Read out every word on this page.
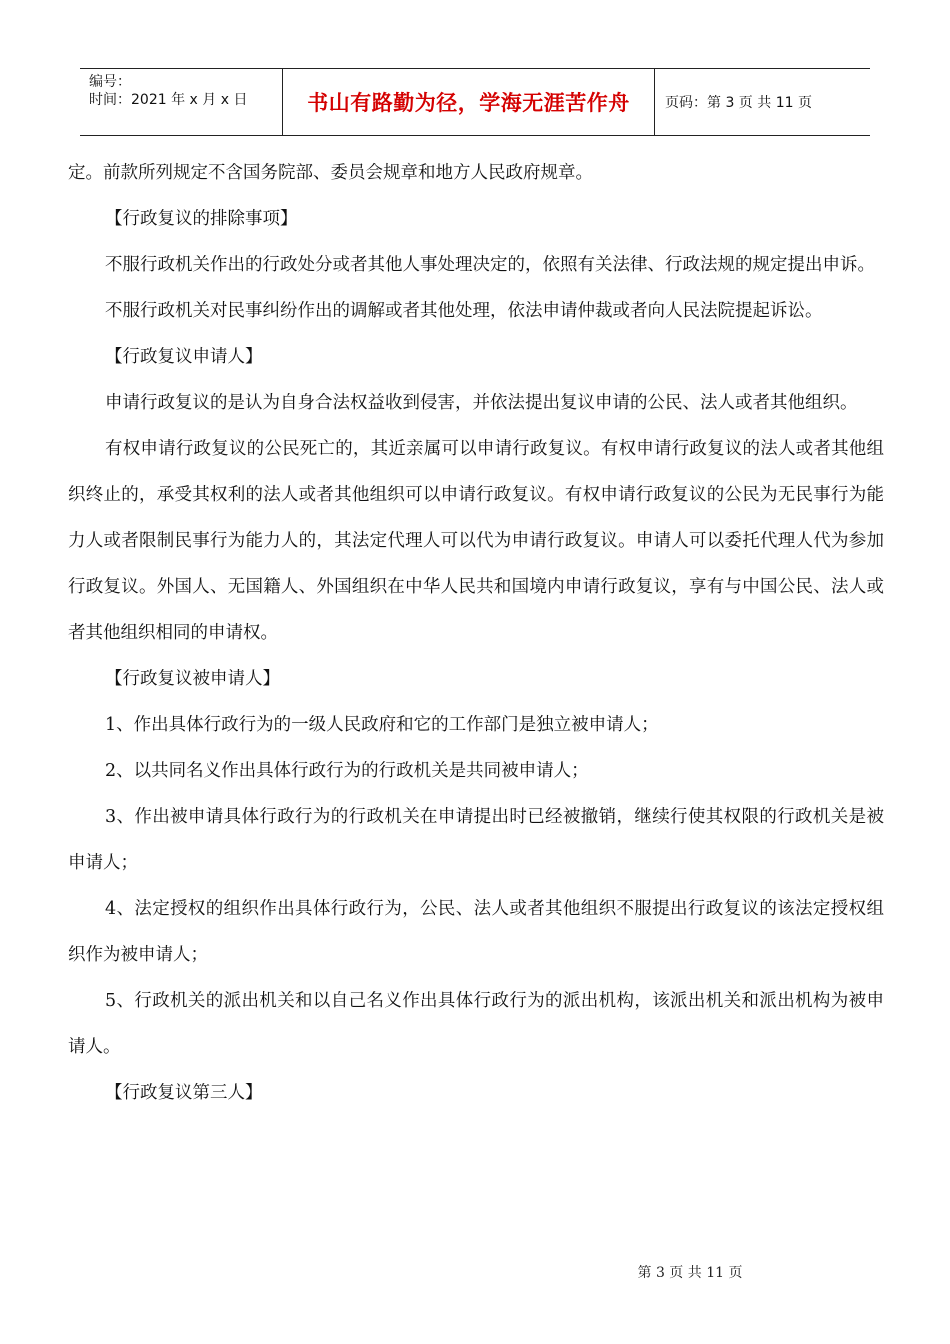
编号：
时间：2021 年 x 月 x 日	书山有路勤为径，学海无涯苦作舟	页码：第 3 页 共 11 页

定。前款所列规定不含国务院部、委员会规章和地方人民政府规章。

【行政复议的排除事项】

不服行政机关作出的行政处分或者其他人事处理决定的，依照有关法律、行政法规的规定提出申诉。

不服行政机关对民事纠纷作出的调解或者其他处理，依法申请仲裁或者向人民法院提起诉讼。

【行政复议申请人】

申请行政复议的是认为自身合法权益收到侵害，并依法提出复议申请的公民、法人或者其他组织。

有权申请行政复议的公民死亡的，其近亲属可以申请行政复议。有权申请行政复议的法人或者其他组织终止的，承受其权利的法人或者其他组织可以申请行政复议。有权申请行政复议的公民为无民事行为能力人或者限制民事行为能力人的，其法定代理人可以代为申请行政复议。申请人可以委托代理人代为参加行政复议。外国人、无国籍人、外国组织在中华人民共和国境内申请行政复议，享有与中国公民、法人或者其他组织相同的申请权。

【行政复议被申请人】

1、作出具体行政行为的一级人民政府和它的工作部门是独立被申请人；

2、以共同名义作出具体行政行为的行政机关是共同被申请人；

3、作出被申请具体行政行为的行政机关在申请提出时已经被撤销，继续行使其权限的行政机关是被申请人；

4、法定授权的组织作出具体行政行为，公民、法人或者其他组织不服提出行政复议的该法定授权组织作为被申请人；

5、行政机关的派出机关和以自己名义作出具体行政行为的派出机构，该派出机关和派出机构为被申请人。

【行政复议第三人】

第 3 页 共 11 页
